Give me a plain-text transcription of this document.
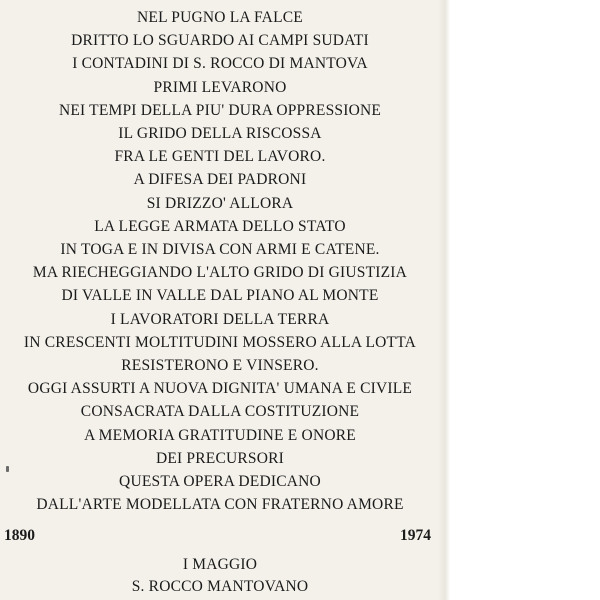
NEL PUGNO LA FALCE
DRITTO LO SGUARDO AI CAMPI SUDATI
I CONTADINI DI S. ROCCO DI MANTOVA
PRIMI LEVARONO
NEI TEMPI DELLA PIU' DURA OPPRESSIONE
IL GRIDO DELLA RISCOSSA
FRA LE GENTI DEL LAVORO.
A DIFESA DEI PADRONI
SI DRIZZO' ALLORA
LA LEGGE ARMATA DELLO STATO
IN TOGA E IN DIVISA CON ARMI E CATENE.
MA RIECHEGGIANDO L'ALTO GRIDO DI GIUSTIZIA
DI VALLE IN VALLE DAL PIANO AL MONTE
I LAVORATORI DELLA TERRA
IN CRESCENTI MOLTITUDINI MOSSERO ALLA LOTTA
RESISTERONO E VINSERO.
OGGI ASSURTI A NUOVA DIGNITA' UMANA E CIVILE
CONSACRATA DALLA COSTITUZIONE
A MEMORIA GRATITUDINE E ONORE
DEI PRECURSORI
QUESTA OPERA DEDICANO
DALL'ARTE MODELLATA CON FRATERNO AMORE
1890	1974
I MAGGIO
S. ROCCO MANTOVANO
